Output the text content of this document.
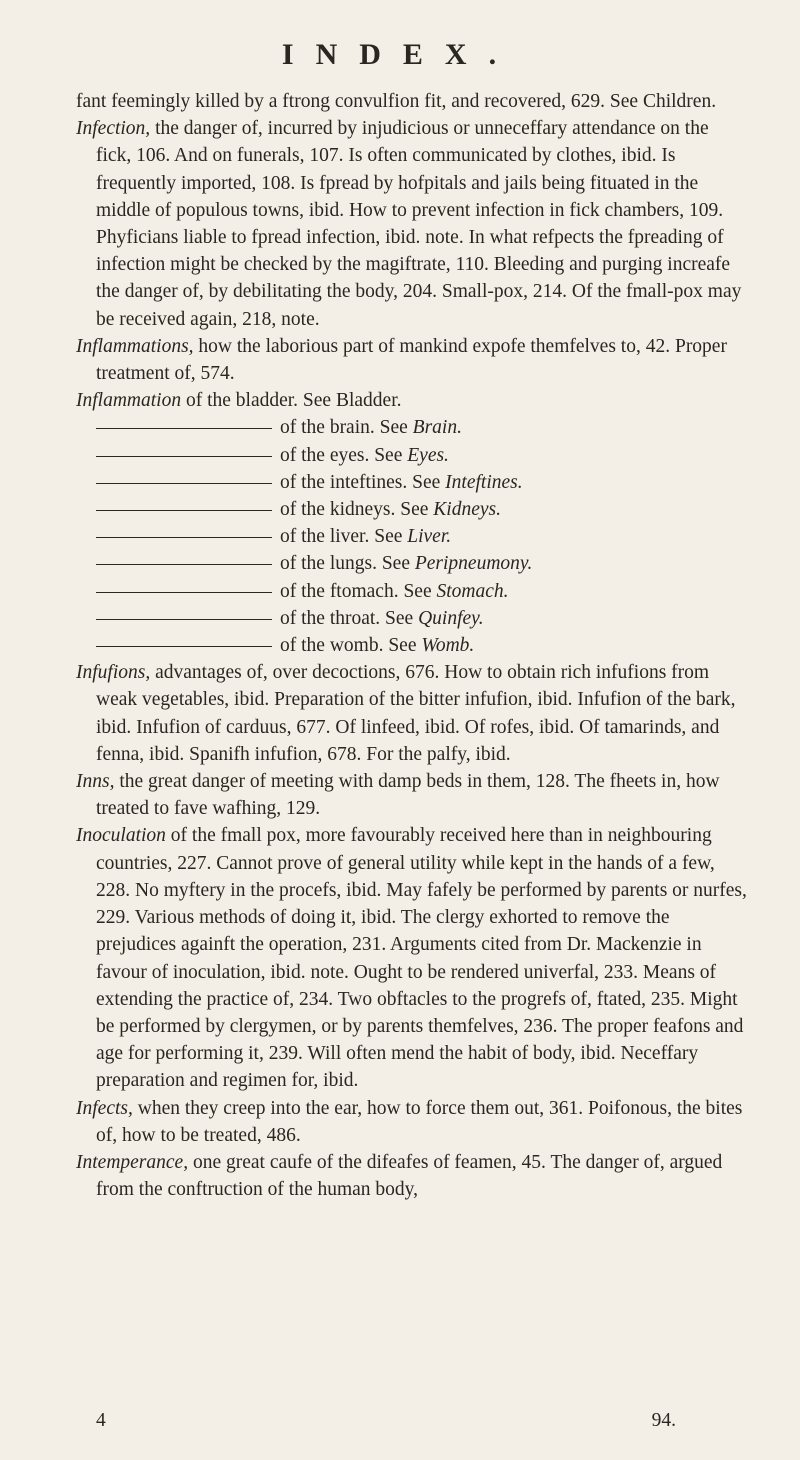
INDEX.

fant feemingly killed by a ftrong convulfion fit, and recovered, 629. See Children.

Infection, the danger of, incurred by injudicious or unneceffary attendance on the fick, 106. And on funerals, 107. Is often communicated by clothes, ibid. Is frequently imported, 108. Is fpread by hofpitals and jails being fituated in the middle of populous towns, ibid. How to prevent infection in fick chambers, 109. Phyficians liable to fpread infection, ibid. note. In what refpects the fpreading of infection might be checked by the magiftrate, 110. Bleeding and purging increafe the danger of, by debilitating the body, 204. Small-pox, 214. Of the fmall-pox may be received again, 218, note.

Inflammations, how the laborious part of mankind expofe themfelves to, 42. Proper treatment of, 574.

Inflammation of the bladder. See Bladder.

of the brain. See Brain.

of the eyes. See Eyes.

of the inteftines. See Inteftines.

of the kidneys. See Kidneys.

of the liver. See Liver.

of the lungs. See Peripneumony.

of the ftomach. See Stomach.

of the throat. See Quinfey.

of the womb. See Womb.

Infufions, advantages of, over decoctions, 676. How to obtain rich infufions from weak vegetables, ibid. Preparation of the bitter infufion, ibid. Infufion of the bark, ibid. Infufion of carduus, 677. Of linfeed, ibid. Of rofes, ibid. Of tamarinds, and fenna, ibid. Spanifh infufion, 678. For the palfy, ibid.

Inns, the great danger of meeting with damp beds in them, 128. The fheets in, how treated to fave wafhing, 129.

Inoculation of the fmall pox, more favourably received here than in neighbouring countries, 227. Cannot prove of general utility while kept in the hands of a few, 228. No myftery in the procefs, ibid. May fafely be performed by parents or nurfes, 229. Various methods of doing it, ibid. The clergy exhorted to remove the prejudices againft the operation, 231. Arguments cited from Dr. Mackenzie in favour of inoculation, ibid. note. Ought to be rendered univerfal, 233. Means of extending the practice of, 234. Two obftacles to the progrefs of, ftated, 235. Might be performed by clergymen, or by parents themfelves, 236. The proper feafons and age for performing it, 239. Will often mend the habit of body, ibid. Neceffary preparation and regimen for, ibid.

Infects, when they creep into the ear, how to force them out, 361. Poifonous, the bites of, how to be treated, 486.

Intemperance, one great caufe of the difeafes of feamen, 45. The danger of, argued from the conftruction of the human body,

4	94.
